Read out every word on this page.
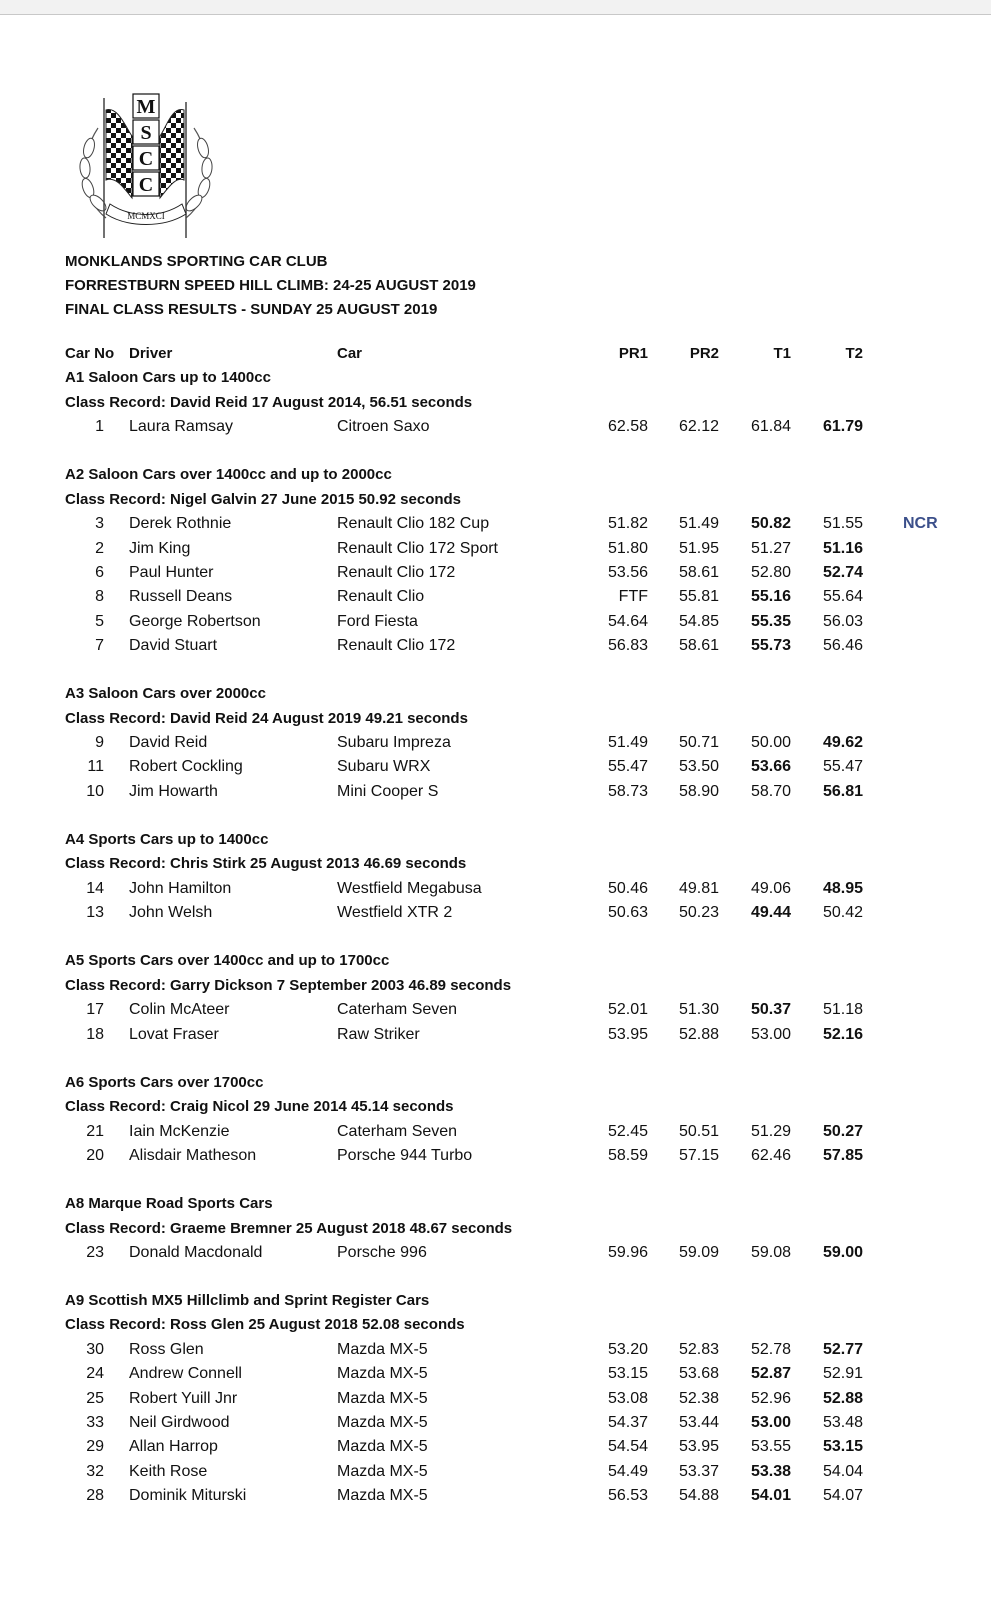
M
S
C
C
MCMXCI
MONKLANDS SPORTING CAR CLUB
FORRESTBURN SPEED HILL CLIMB: 24-25 AUGUST 2019
FINAL CLASS RESULTS - SUNDAY 25 AUGUST 2019
Car No Driver	Car	PR1	PR2	T1	T2
A1 Saloon Cars up to 1400cc
Class Record: David Reid 17 August 2014, 56.51 seconds
1 Laura Ramsay	Citroen Saxo	62.58	62.12	61.84	61.79
A2 Saloon Cars over 1400cc and up to 2000cc
Class Record: Nigel Galvin 27 June 2015 50.92 seconds
3 Derek Rothnie	Renault Clio 182 Cup	51.82	51.49	50.82	51.55	NCR
2 Jim King	Renault Clio 172 Sport	51.80	51.95	51.27	51.16
6 Paul Hunter	Renault Clio 172	53.56	58.61	52.80	52.74
8 Russell Deans	Renault Clio	FTF	55.81	55.16	55.64
5 George Robertson	Ford Fiesta	54.64	54.85	55.35	56.03
7 David Stuart	Renault Clio 172	56.83	58.61	55.73	56.46
A3 Saloon Cars over 2000cc
Class Record: David Reid 24 August 2019 49.21 seconds
9 David Reid	Subaru Impreza	51.49	50.71	50.00	49.62
11 Robert Cockling	Subaru WRX	55.47	53.50	53.66	55.47
10 Jim Howarth	Mini Cooper S	58.73	58.90	58.70	56.81
A4 Sports Cars up to 1400cc
Class Record: Chris Stirk 25 August 2013 46.69 seconds
14 John Hamilton	Westfield Megabusa	50.46	49.81	49.06	48.95
13 John Welsh	Westfield XTR 2	50.63	50.23	49.44	50.42
A5 Sports Cars over 1400cc and up to 1700cc
Class Record: Garry Dickson 7 September 2003 46.89 seconds
17 Colin McAteer	Caterham Seven	52.01	51.30	50.37	51.18
18 Lovat Fraser	Raw Striker	53.95	52.88	53.00	52.16
A6 Sports Cars over 1700cc
Class Record: Craig Nicol 29 June 2014 45.14 seconds
21 Iain McKenzie	Caterham Seven	52.45	50.51	51.29	50.27
20 Alisdair Matheson	Porsche 944 Turbo	58.59	57.15	62.46	57.85
A8 Marque Road Sports Cars
Class Record: Graeme Bremner 25 August 2018 48.67 seconds
23 Donald Macdonald	Porsche 996	59.96	59.09	59.08	59.00
A9 Scottish MX5 Hillclimb and Sprint Register Cars
Class Record: Ross Glen 25 August 2018 52.08 seconds
30 Ross Glen	Mazda MX-5	53.20	52.83	52.78	52.77
24 Andrew Connell	Mazda MX-5	53.15	53.68	52.87	52.91
25 Robert Yuill Jnr	Mazda MX-5	53.08	52.38	52.96	52.88
33 Neil Girdwood	Mazda MX-5	54.37	53.44	53.00	53.48
29 Allan Harrop	Mazda MX-5	54.54	53.95	53.55	53.15
32 Keith Rose	Mazda MX-5	54.49	53.37	53.38	54.04
28 Dominik Miturski	Mazda MX-5	56.53	54.88	54.01	54.07
